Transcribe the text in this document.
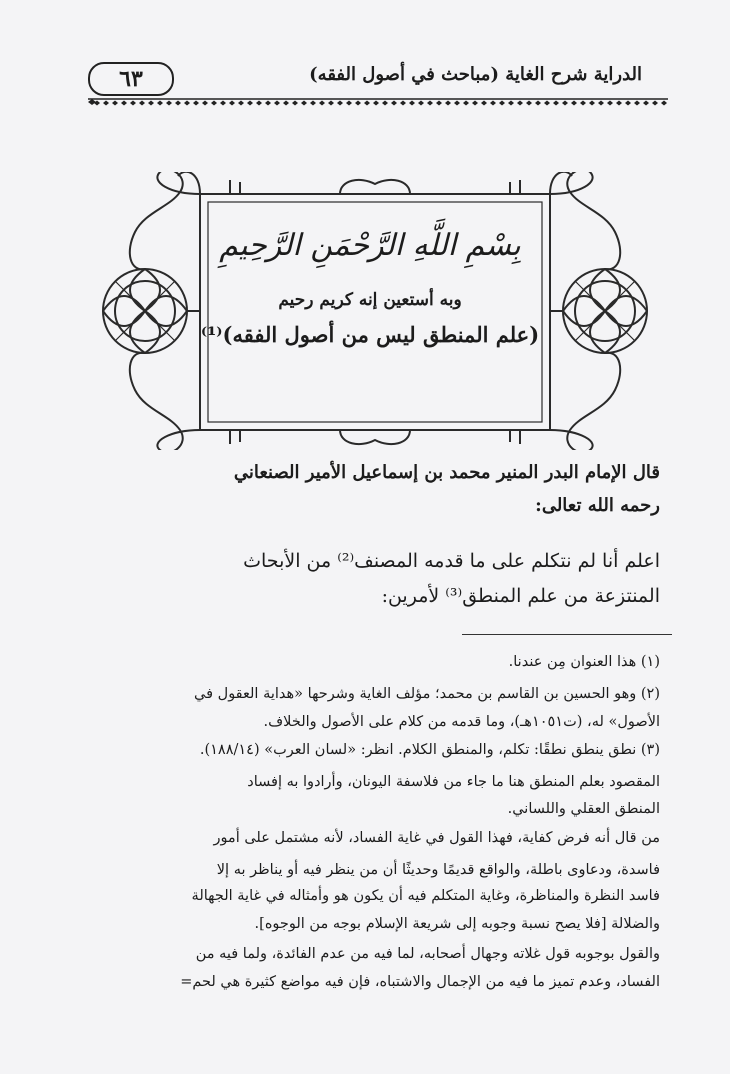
٦٣	الدراية شرح الغاية (مباحث في أصول الفقه)
بِسْمِ اللَّهِ الرَّحْمَنِ الرَّحِيمِ
وبه أستعين إنه كريم رحيم
(علم المنطق ليس من أصول الفقه)⁽¹⁾
قال الإمام البدر المنير محمد بن إسماعيل الأمير الصنعاني
رحمه الله تعالى:
اعلم أنا لم نتكلم على ما قدمه المصنف⁽²⁾ من الأبحاث
المنتزعة من علم المنطق⁽³⁾ لأمرين:
(١) هذا العنوان مِن عندنا.
(٢) وهو الحسين بن القاسم بن محمد؛ مؤلف الغاية وشرحها «هداية العقول في
الأصول» له، (ت١٠٥١هـ)، وما قدمه من كلام على الأصول والخلاف.
(٣) نطق ينطق نطقًا: تكلم، والمنطق الكلام. انظر: «لسان العرب» (١٨٨/١٤).
المقصود بعلم المنطق هنا ما جاء من فلاسفة اليونان، وأرادوا به إفساد
المنطق العقلي واللساني.
من قال أنه فرض كفاية، فهذا القول في غاية الفساد، لأنه مشتمل على أمور
فاسدة، ودعاوى باطلة، والواقع قديمًا وحديثًا أن من ينظر فيه أو يناظر به إلا
فاسد النظرة والمناظرة، وغاية المتكلم فيه أن يكون هو وأمثاله في غاية الجهالة
والضلالة [فلا يصح نسبة وجوبه إلى شريعة الإسلام بوجه من الوجوه].
والقول بوجوبه قول غلاته وجهال أصحابه، لما فيه من عدم الفائدة، ولما فيه من
الفساد، وعدم تميز ما فيه من الإجمال والاشتباه، فإن فيه مواضع كثيرة هي لحم=
